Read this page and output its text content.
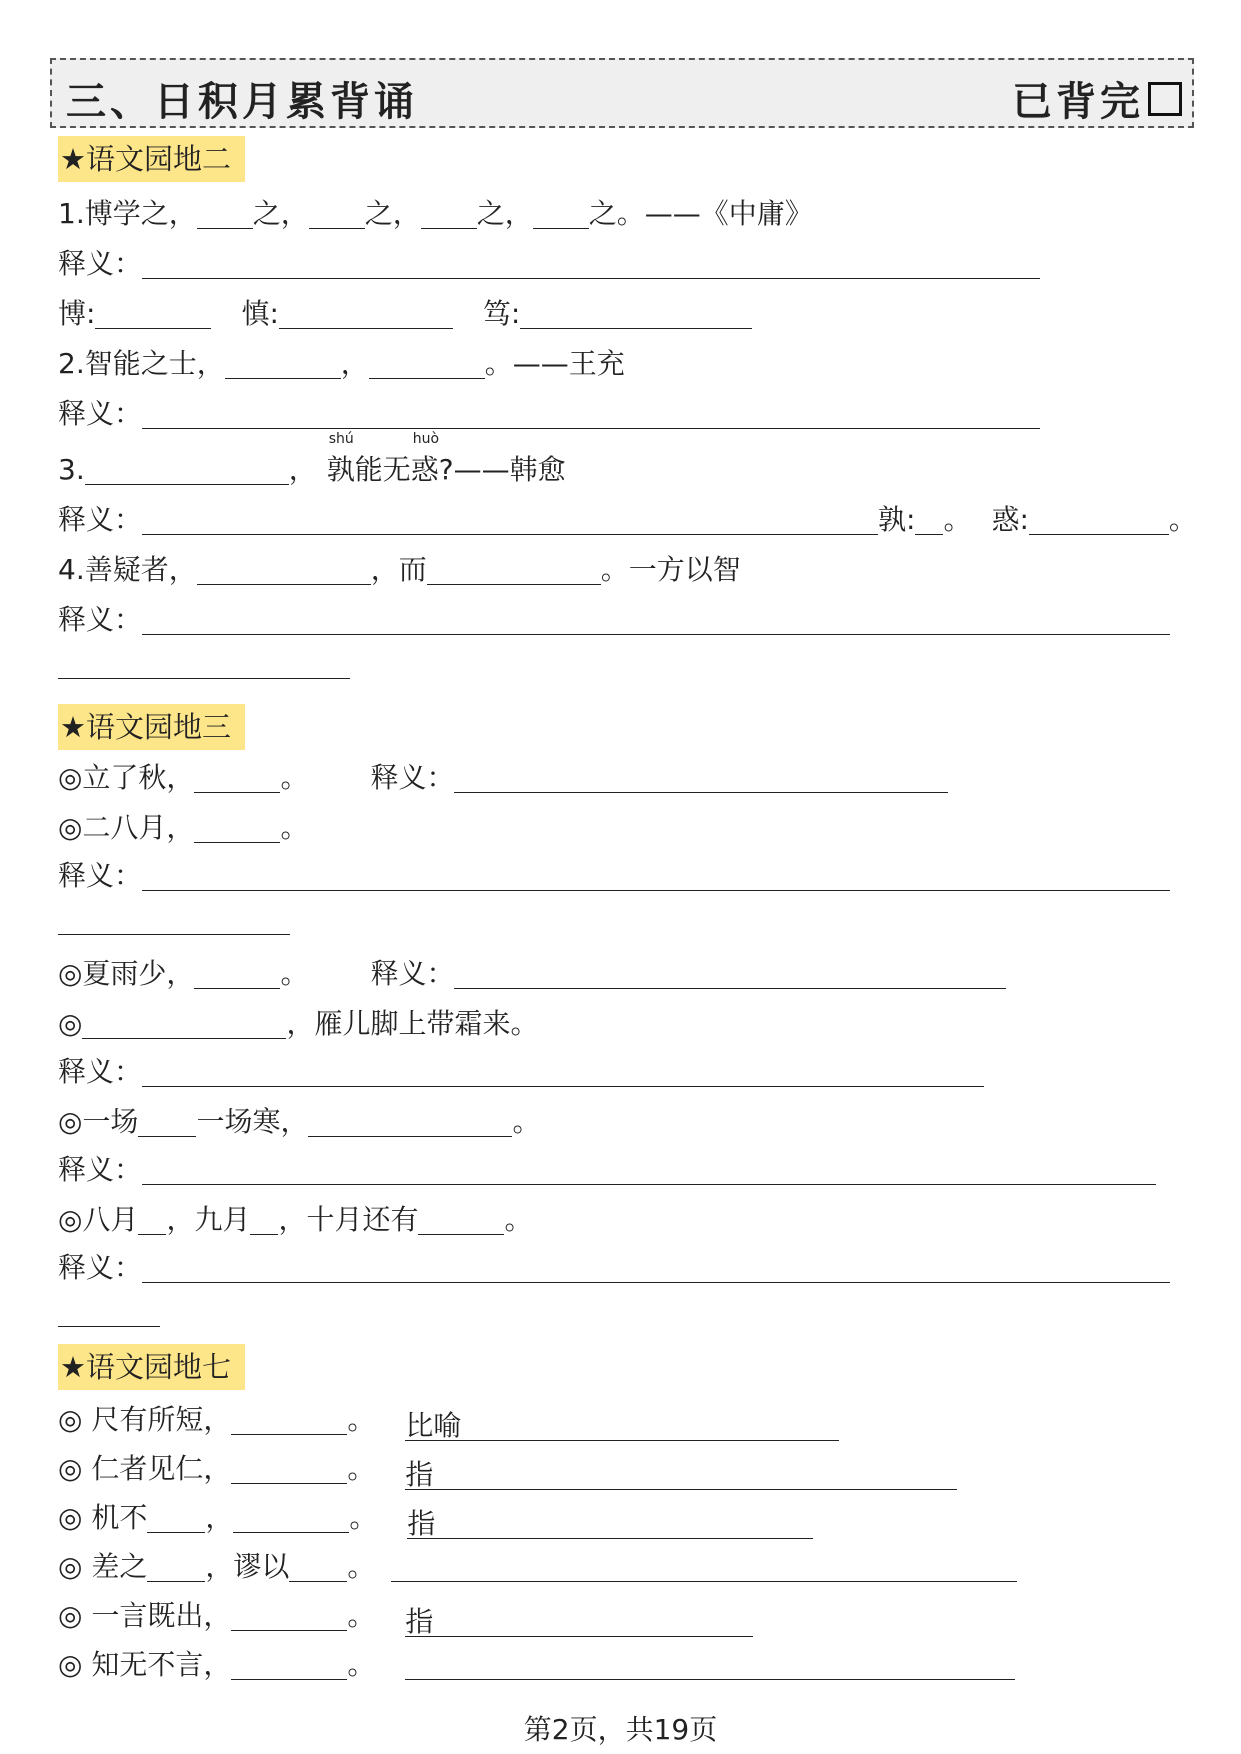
三、日积月累背诵	已背完
★语文园地二
1.博学之， 之， 之， 之， 之。——《中庸》
释义：
博:	慎:	笃:
2.智能之士，	，	。——王充
释义：
3.	，
shú
孰能无
huò
惑?——韩愈
释义：	孰: 。 惑:	。
4.善疑者，	，而	。一方以智
释义：
★语文园地三
◎立了秋，	。 释义：
◎二八月，	。
释义：
◎夏雨少，	。 释义：
◎	，雁儿脚上带霜来。
释义：
◎一场 一场寒，	。
释义：
◎八月 ，九月 ，十月还有	。
释义：
★语文园地七
◎ 尺有所短，	。 比喻
◎ 仁者见仁，	。 指
◎ 机不 ，	。 指
◎ 差之 ，谬以 。
◎ 一言既出，	。 指
◎ 知无不言，	。
第2页，共19页
